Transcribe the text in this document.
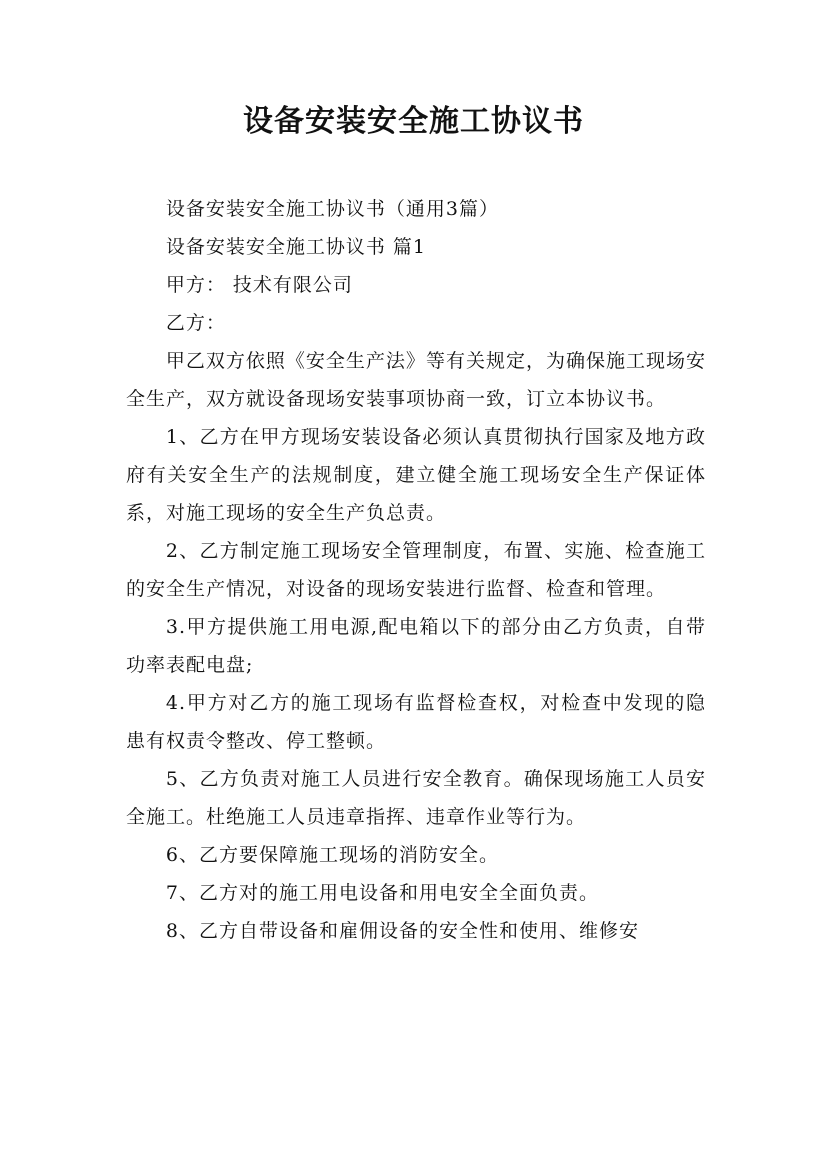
设备安装安全施工协议书

设备安装安全施工协议书（通用3篇）

设备安装安全施工协议书 篇1

甲方： 技术有限公司

乙方：

甲乙双方依照《安全生产法》等有关规定，为确保施工现场安全生产，双方就设备现场安装事项协商一致，订立本协议书。

1、乙方在甲方现场安装设备必须认真贯彻执行国家及地方政府有关安全生产的法规制度，建立健全施工现场安全生产保证体系，对施工现场的安全生产负总责。

2、乙方制定施工现场安全管理制度，布置、实施、检查施工的安全生产情况，对设备的现场安装进行监督、检查和管理。

3.甲方提供施工用电源,配电箱以下的部分由乙方负责，自带功率表配电盘;

4.甲方对乙方的施工现场有监督检查权，对检查中发现的隐患有权责令整改、停工整顿。

5、乙方负责对施工人员进行安全教育。确保现场施工人员安全施工。杜绝施工人员违章指挥、违章作业等行为。

6、乙方要保障施工现场的消防安全。

7、乙方对的施工用电设备和用电安全全面负责。

8、乙方自带设备和雇佣设备的安全性和使用、维修安
